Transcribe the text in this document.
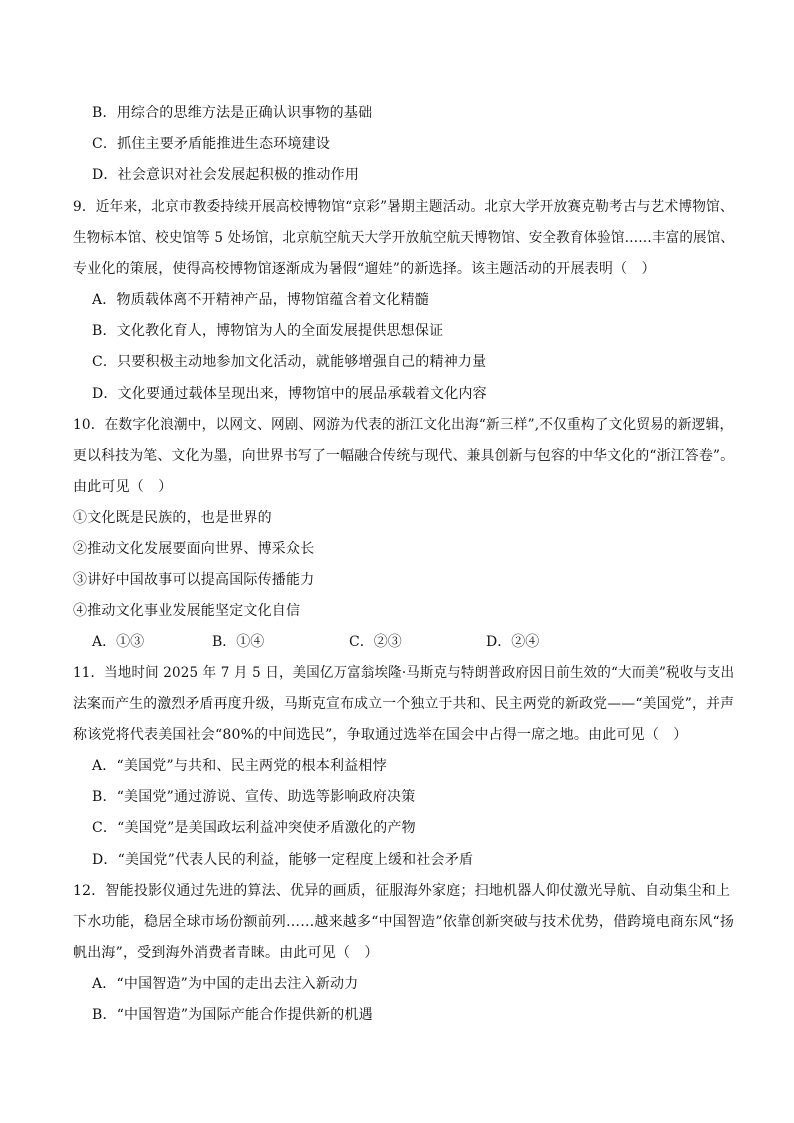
B．用综合的思维方法是正确认识事物的基础
C．抓住主要矛盾能推进生态环境建设
D．社会意识对社会发展起积极的推动作用
9．近年来，北京市教委持续开展高校博物馆“京彩”暑期主题活动。北京大学开放赛克勒考古与艺术博物馆、
生物标本馆、校史馆等 5 处场馆，北京航空航天大学开放航空航天博物馆、安全教育体验馆……丰富的展馆、
专业化的策展，使得高校博物馆逐渐成为暑假“遛娃”的新选择。该主题活动的开展表明（　）
A．物质载体离不开精神产品，博物馆蕴含着文化精髓
B．文化教化育人，博物馆为人的全面发展提供思想保证
C．只要积极主动地参加文化活动，就能够增强自己的精神力量
D．文化要通过载体呈现出来，博物馆中的展品承载着文化内容
10．在数字化浪潮中，以网文、网剧、网游为代表的浙江文化出海“新三样”,不仅重构了文化贸易的新逻辑，
更以科技为笔、文化为墨，向世界书写了一幅融合传统与现代、兼具创新与包容的中华文化的“浙江答卷”。
由此可见（　）
①文化既是民族的，也是世界的
②推动文化发展要面向世界、博采众长
③讲好中国故事可以提高国际传播能力
④推动文化事业发展能坚定文化自信
A．①③	B．①④	C．②③	D．②④
11．当地时间 2025 年 7 月 5 日，美国亿万富翁埃隆·马斯克与特朗普政府因日前生效的“大而美”税收与支出
法案而产生的激烈矛盾再度升级，马斯克宣布成立一个独立于共和、民主两党的新政党——“美国党”，并声
称该党将代表美国社会“80%的中间选民”，争取通过选举在国会中占得一席之地。由此可见（　）
A．“美国党”与共和、民主两党的根本利益相悖
B．“美国党”通过游说、宣传、助选等影响政府决策
C．“美国党”是美国政坛利益冲突使矛盾激化的产物
D．“美国党”代表人民的利益，能够一定程度上缓和社会矛盾
12．智能投影仪通过先进的算法、优异的画质，征服海外家庭；扫地机器人仰仗激光导航、自动集尘和上
下水功能，稳居全球市场份额前列……越来越多“中国智造”依靠创新突破与技术优势，借跨境电商东风“扬
帆出海”，受到海外消费者青睐。由此可见（　）
A．“中国智造”为中国的走出去注入新动力
B．“中国智造”为国际产能合作提供新的机遇
